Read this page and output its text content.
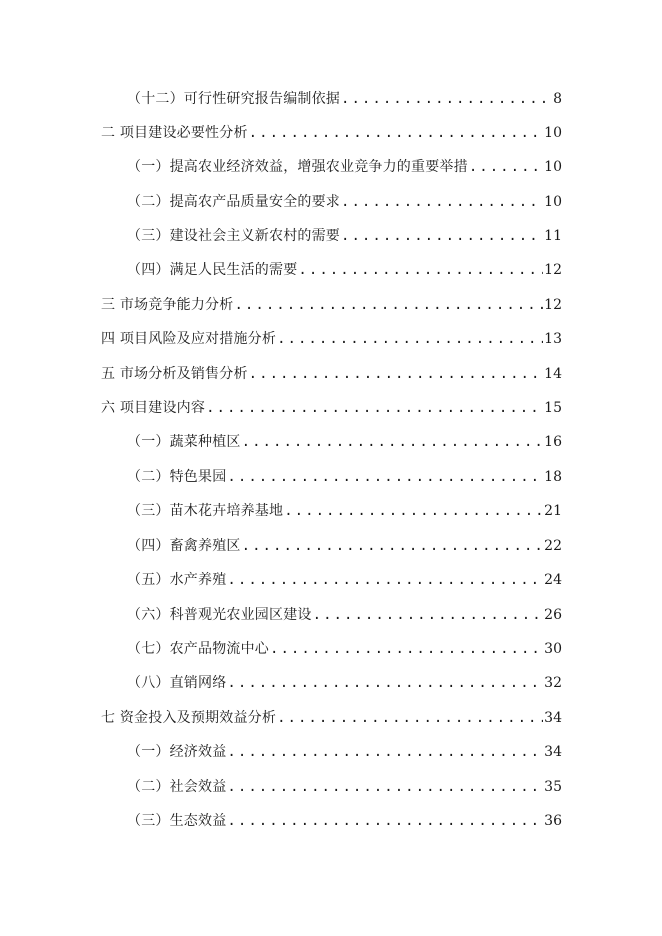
（十二）可行性研究报告编制依据 . . .	8
二 项目建设必要性分析 . . .	10
（一）提高农业经济效益，增强农业竞争力的重要举措 . . .	10
（二）提高农产品质量安全的要求 . . .	10
（三）建设社会主义新农村的需要 . . .	11
（四）满足人民生活的需要 . . .	12
三 市场竞争能力分析 . . .	12
四 项目风险及应对措施分析 . . .	13
五 市场分析及销售分析 . . .	14
六 项目建设内容 . . .	15
（一）蔬菜种植区 . . .	16
（二）特色果园 . . .	18
（三）苗木花卉培养基地 . . .	21
（四）畜禽养殖区 . . .	22
（五）水产养殖 . . .	24
（六）科普观光农业园区建设 . . .	26
（七）农产品物流中心 . . .	30
（八）直销网络 . . .	32
七 资金投入及预期效益分析 . . .	34
（一）经济效益 . . .	34
（二）社会效益 . . .	35
（三）生态效益 . . .	36
